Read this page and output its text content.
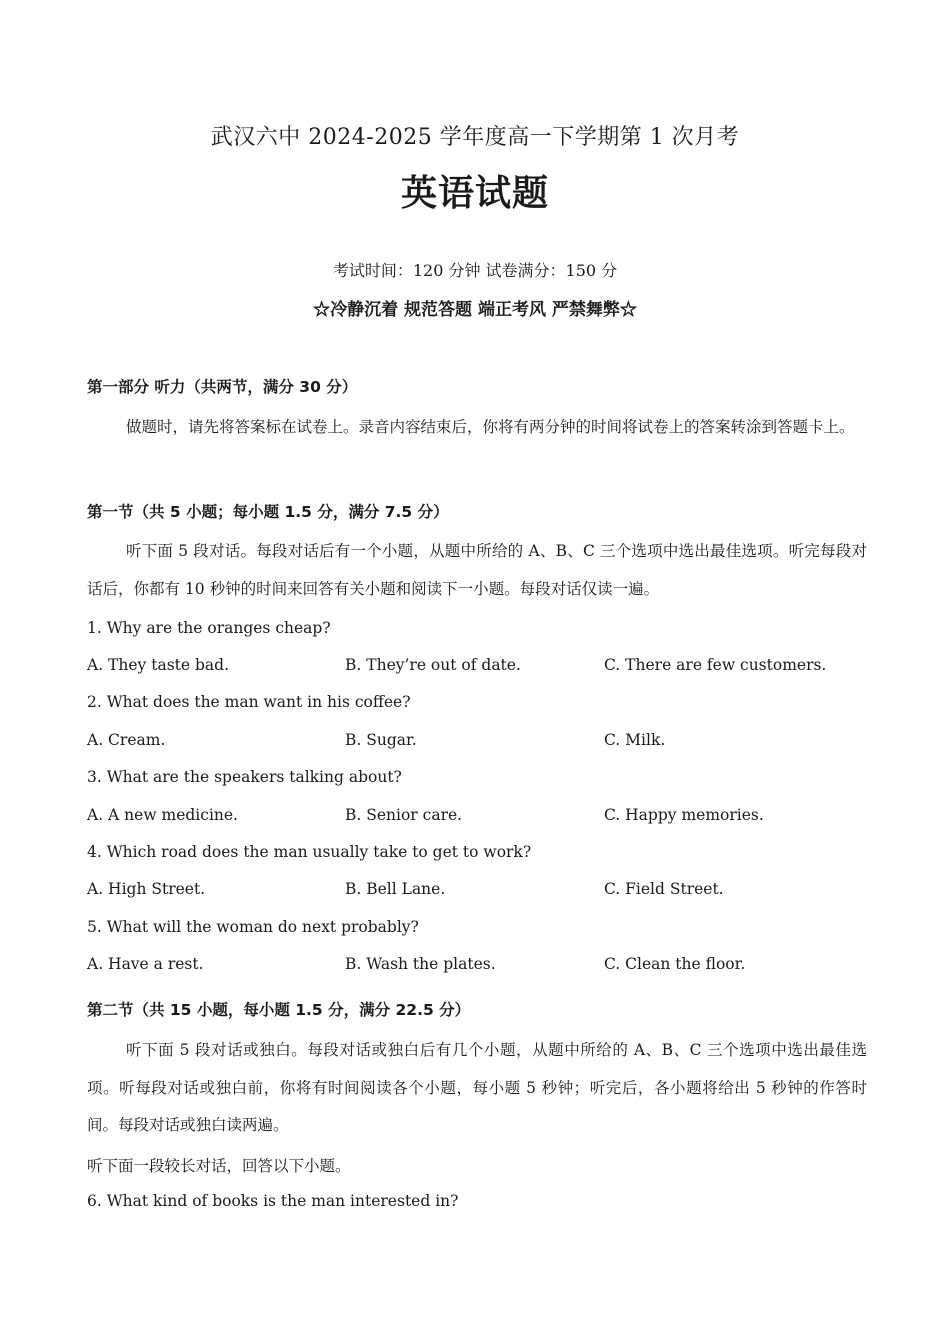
武汉六中 2024-2025 学年度高一下学期第 1 次月考
英语试题
考试时间：120 分钟 试卷满分：150 分
☆冷静沉着 规范答题 端正考风 严禁舞弊☆
第一部分 听力（共两节，满分 30 分）
做题时，请先将答案标在试卷上。录音内容结束后，你将有两分钟的时间将试卷上的答案转涂到答题卡上。
第一节（共 5 小题；每小题 1.5 分，满分 7.5 分）
听下面 5 段对话。每段对话后有一个小题，从题中所给的 A、B、C 三个选项中选出最佳选项。听完每段对话后，你都有 10 秒钟的时间来回答有关小题和阅读下一小题。每段对话仅读一遍。
1. Why are the oranges cheap?
A. They taste bad.	B. They’re out of date.	C. There are few customers.
2. What does the man want in his coffee?
A. Cream.	B. Sugar.	C. Milk.
3. What are the speakers talking about?
A. A new medicine.	B. Senior care.	C. Happy memories.
4. Which road does the man usually take to get to work?
A. High Street.	B. Bell Lane.	C. Field Street.
5. What will the woman do next probably?
A. Have a rest.	B. Wash the plates.	C. Clean the floor.
第二节（共 15 小题，每小题 1.5 分，满分 22.5 分）
听下面 5 段对话或独白。每段对话或独白后有几个小题，从题中所给的 A、B、C 三个选项中选出最佳选项。听每段对话或独白前，你将有时间阅读各个小题，每小题 5 秒钟；听完后，各小题将给出 5 秒钟的作答时间。每段对话或独白读两遍。
听下面一段较长对话，回答以下小题。
6. What kind of books is the man interested in?
